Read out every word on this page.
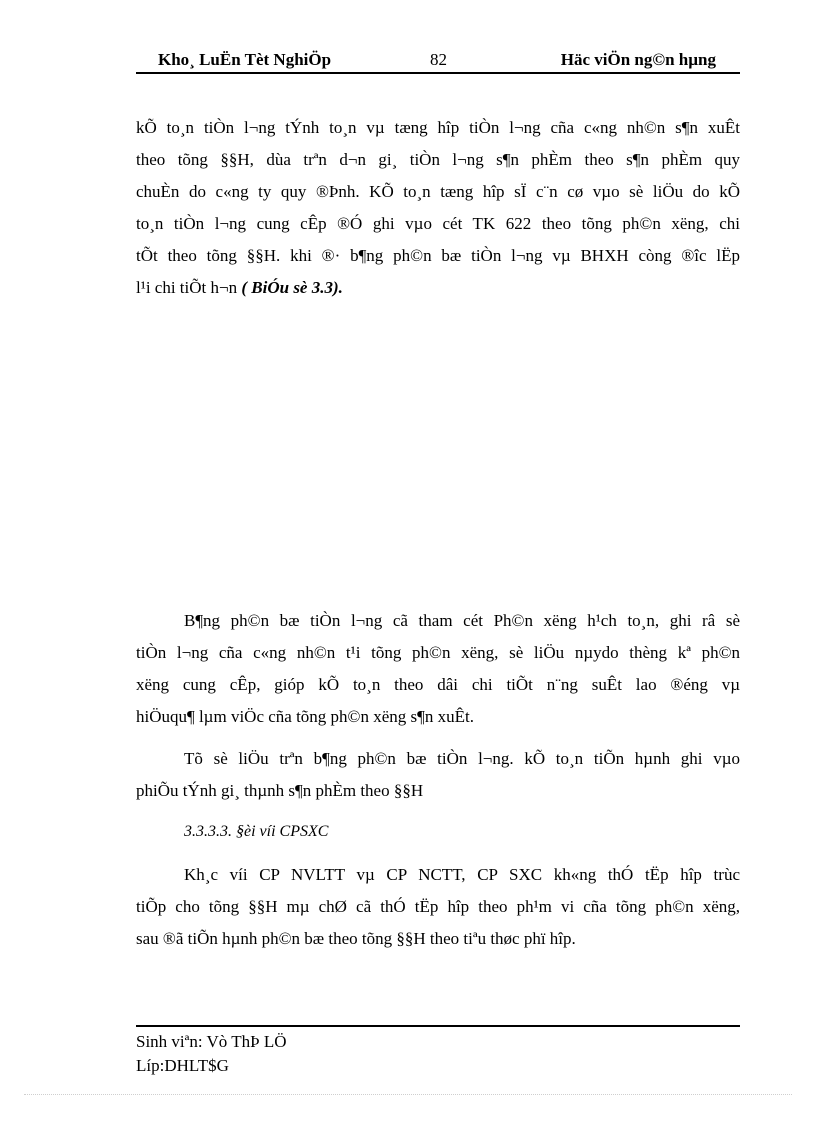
Kho¸ LuËn Tèt NghiÖp	82	Häc viÖn ng©n hµng
kÕ to¸n tiÒn l¬ng tÝnh to¸n vµ tæng hîp tiÒn l¬ng cña c«ng nh©n s¶n xuÊt
theo tõng §§H, dùa trªn d¬n gi¸ tiÒn l¬ng s¶n phÈm theo s¶n phÈm quy
chuÈn do c«ng ty quy ®Þnh. KÕ to¸n tæng hîp sÏ c¨n cø vµo sè liÖu do kÕ
to¸n tiÒn l¬ng cung cÊp ®Ó ghi vµo cét TK 622 theo tõng ph©n xëng, chi
tÕt theo tõng §§H. khi ®· b¶ng ph©n bæ tiÒn l¬ng vµ BHXH còng ®îc lËp
l¹i chi tiÕt h¬n ( BiÓu sè 3.3).
B¶ng ph©n bæ tiÒn l¬ng cã tham cét Ph©n xëng h¹ch to¸n, ghi râ sè
tiÒn l¬ng cña c«ng nh©n t¹i tõng ph©n xëng, sè liÖu nµydo thèng kª ph©n
xëng cung cÊp, gióp kÕ to¸n theo dâi chi tiÕt n¨ng suÊt lao ®éng vµ
hiÖuqu¶ lµm viÖc cña tõng ph©n xëng s¶n xuÊt.
Tõ sè liÖu trªn b¶ng ph©n bæ tiÒn l¬ng. kÕ to¸n tiÕn hµnh ghi vµo
phiÕu tÝnh gi¸ thµnh s¶n phÈm theo §§H
3.3.3.3. §èi víi CPSXC
Kh¸c víi CP NVLTT vµ CP NCTT, CP SXC kh«ng thÓ tËp hîp trùc
tiÕp cho tõng §§H mµ chØ cã thÓ tËp hîp theo ph¹m vi cña tõng ph©n xëng,
sau ®ã tiÕn hµnh ph©n bæ theo tõng §§H theo tiªu thøc phï hîp.
Sinh viªn: Vò ThÞ LÖ
Líp:DHLT$G
